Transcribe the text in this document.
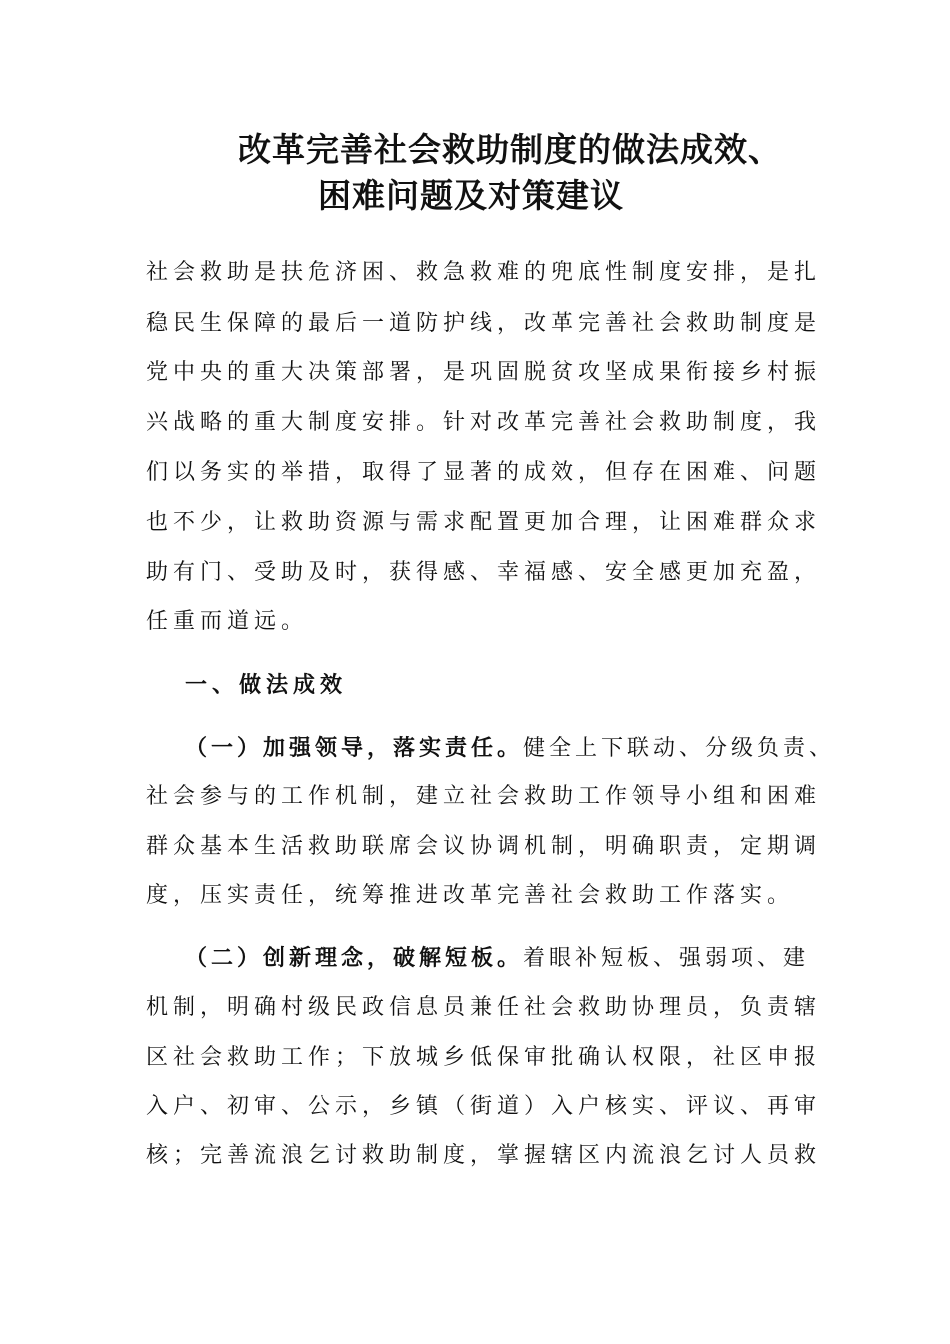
改革完善社会救助制度的做法成效、
困难问题及对策建议
社会救助是扶危济困、救急救难的兜底性制度安排，是扎
稳民生保障的最后一道防护线，改革完善社会救助制度是
党中央的重大决策部署，是巩固脱贫攻坚成果衔接乡村振
兴战略的重大制度安排。针对改革完善社会救助制度，我
们以务实的举措，取得了显著的成效，但存在困难、问题
也不少，让救助资源与需求配置更加合理，让困难群众求
助有门、受助及时，获得感、幸福感、安全感更加充盈，
任重而道远。
一、做法成效
（一）加强领导，落实责任。健全上下联动、分级负责、
社会参与的工作机制，建立社会救助工作领导小组和困难
群众基本生活救助联席会议协调机制，明确职责，定期调
度，压实责任，统筹推进改革完善社会救助工作落实。
（二）创新理念，破解短板。着眼补短板、强弱项、建
机制，明确村级民政信息员兼任社会救助协理员，负责辖
区社会救助工作；下放城乡低保审批确认权限，社区申报
入户、初审、公示，乡镇（街道）入户核实、评议、再审
核；完善流浪乞讨救助制度，掌握辖区内流浪乞讨人员救
